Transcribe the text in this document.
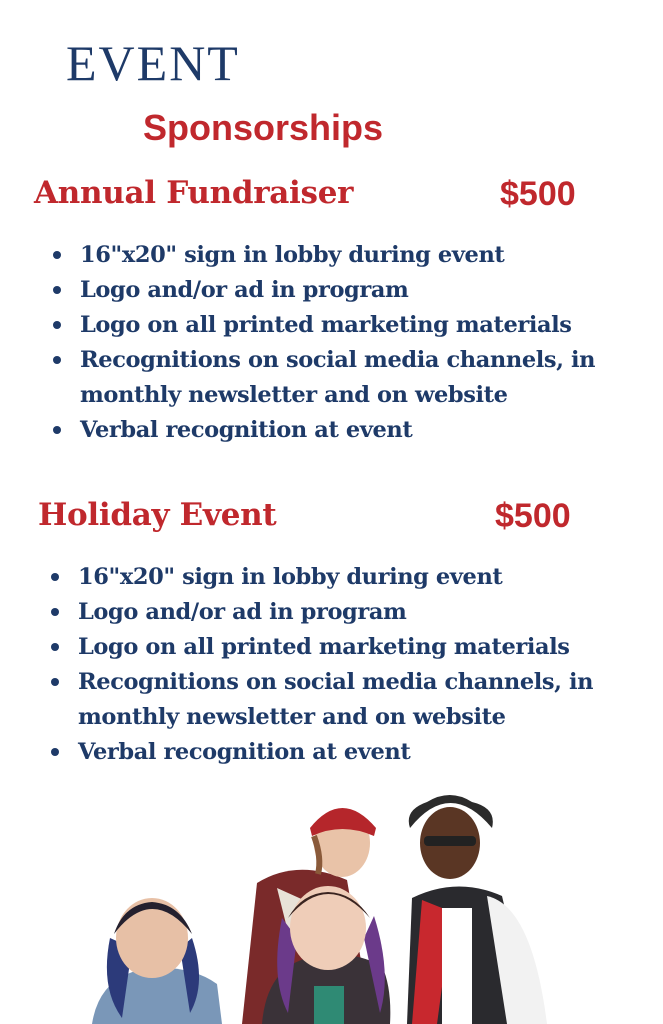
EVENT
Sponsorships
Annual Fundraiser	$500
16"x20" sign in lobby during event
Logo and/or ad in program
Logo on all printed marketing materials
Recognitions on social media channels, in monthly newsletter and on website
Verbal recognition at event
Holiday Event	$500
16"x20" sign in lobby during event
Logo and/or ad in program
Logo on all printed marketing materials
Recognitions on social media channels, in monthly newsletter and on website
Verbal recognition at event
